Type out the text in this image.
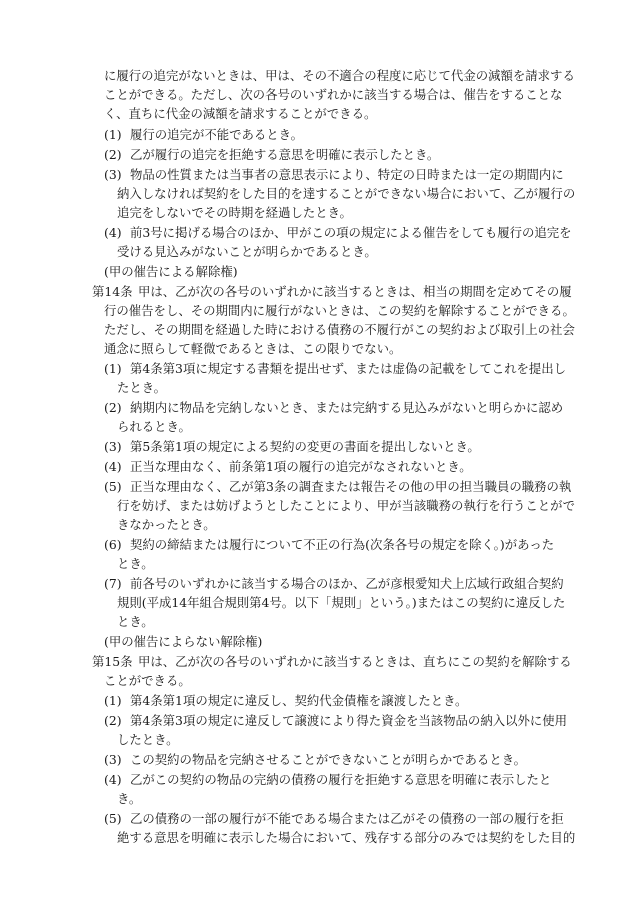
に履行の追完がないときは、甲は、その不適合の程度に応じて代金の減額を請求する
ことができる。ただし、次の各号のいずれかに該当する場合は、催告をすることな
く、直ちに代金の減額を請求することができる。
(1) 履行の追完が不能であるとき。
(2) 乙が履行の追完を拒絶する意思を明確に表示したとき。
(3) 物品の性質または当事者の意思表示により、特定の日時または一定の期間内に
納入しなければ契約をした目的を達することができない場合において、乙が履行の
追完をしないでその時期を経過したとき。
(4) 前3号に掲げる場合のほか、甲がこの項の規定による催告をしても履行の追完を
受ける見込みがないことが明らかであるとき。
(甲の催告による解除権)
第14条 甲は、乙が次の各号のいずれかに該当するときは、相当の期間を定めてその履
行の催告をし、その期間内に履行がないときは、この契約を解除することができる。
ただし、その期間を経過した時における債務の不履行がこの契約および取引上の社会
通念に照らして軽微であるときは、この限りでない。
(1) 第4条第3項に規定する書類を提出せず、または虚偽の記載をしてこれを提出し
たとき。
(2) 納期内に物品を完納しないとき、または完納する見込みがないと明らかに認め
られるとき。
(3) 第5条第1項の規定による契約の変更の書面を提出しないとき。
(4) 正当な理由なく、前条第1項の履行の追完がなされないとき。
(5) 正当な理由なく、乙が第3条の調査または報告その他の甲の担当職員の職務の執
行を妨げ、または妨げようとしたことにより、甲が当該職務の執行を行うことがで
きなかったとき。
(6) 契約の締結または履行について不正の行為(次条各号の規定を除く。)があった
とき。
(7) 前各号のいずれかに該当する場合のほか、乙が彦根愛知犬上広域行政組合契約
規則(平成14年組合規則第4号。以下「規則」という。)またはこの契約に違反した
とき。
(甲の催告によらない解除権)
第15条 甲は、乙が次の各号のいずれかに該当するときは、直ちにこの契約を解除する
ことができる。
(1) 第4条第1項の規定に違反し、契約代金債権を譲渡したとき。
(2) 第4条第3項の規定に違反して譲渡により得た資金を当該物品の納入以外に使用
したとき。
(3) この契約の物品を完納させることができないことが明らかであるとき。
(4) 乙がこの契約の物品の完納の債務の履行を拒絶する意思を明確に表示したと
き。
(5) 乙の債務の一部の履行が不能である場合または乙がその債務の一部の履行を拒
絶する意思を明確に表示した場合において、残存する部分のみでは契約をした目的
